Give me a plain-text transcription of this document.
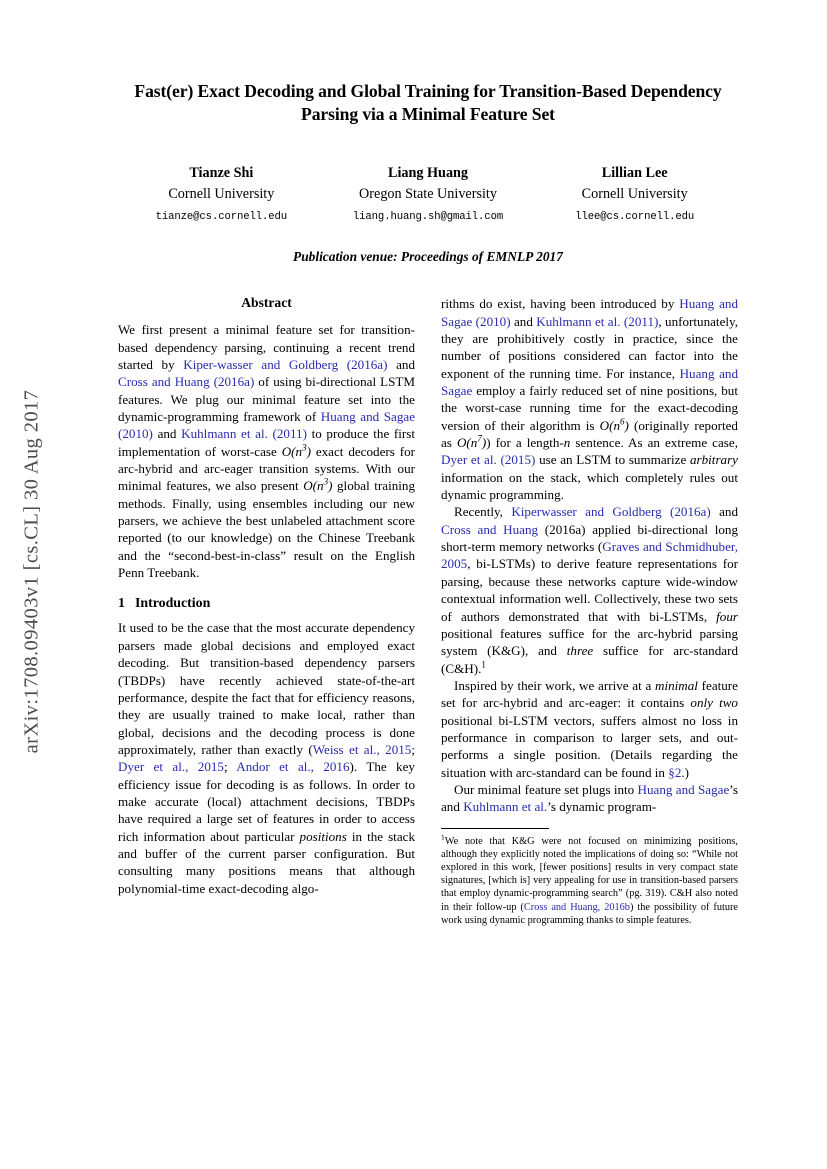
arXiv:1708.09403v1 [cs.CL] 30 Aug 2017
Fast(er) Exact Decoding and Global Training for Transition-Based Dependency Parsing via a Minimal Feature Set
Tianze Shi
Cornell University
tianze@cs.cornell.edu
Liang Huang
Oregon State University
liang.huang.sh@gmail.com
Lillian Lee
Cornell University
llee@cs.cornell.edu
Publication venue: Proceedings of EMNLP 2017
Abstract

We first present a minimal feature set for transition-based dependency parsing, continuing a recent trend started by Kiper-wasser and Goldberg (2016a) and Cross and Huang (2016a) of using bi-directional LSTM features. We plug our minimal feature set into the dynamic-programming framework of Huang and Sagae (2010) and Kuhlmann et al. (2011) to produce the first implementation of worst-case $O(n^3)$ exact decoders for arc-hybrid and arc-eager transition systems. With our minimal features, we also present $O(n^3)$ global training methods. Finally, using ensembles including our new parsers, we achieve the best unlabeled attachment score reported (to our knowledge) on the Chinese Treebank and the “second-best-in-class” result on the English Penn Treebank.

1 Introduction

It used to be the case that the most accurate dependency parsers made global decisions and employed exact decoding. But transition-based dependency parsers (TBDPs) have recently achieved state-of-the-art performance, despite the fact that for efficiency reasons, they are usually trained to make local, rather than global, decisions and the decoding process is done approximately, rather than exactly (Weiss et al., 2015; Dyer et al., 2015; Andor et al., 2016). The key efficiency issue for decoding is as follows. In order to make accurate (local) attachment decisions, TBDPs have required a large set of features in order to access rich information about particular positions in the stack and buffer of the current parser configuration. But consulting many positions means that although polynomial-time exact-decoding algo-

rithms do exist, having been introduced by Huang and Sagae (2010) and Kuhlmann et al. (2011), unfortunately, they are prohibitively costly in practice, since the number of positions considered can factor into the exponent of the running time. For instance, Huang and Sagae employ a fairly reduced set of nine positions, but the worst-case running time for the exact-decoding version of their algorithm is $O(n^6)$ (originally reported as $O(n^7)$) for a length-n sentence. As an extreme case, Dyer et al. (2015) use an LSTM to summarize arbitrary information on the stack, which completely rules out dynamic programming.

Recently, Kiperwasser and Goldberg (2016a) and Cross and Huang (2016a) applied bi-directional long short-term memory networks (Graves and Schmidhuber, 2005, bi-LSTMs) to derive feature representations for parsing, because these networks capture wide-window contextual information well. Collectively, these two sets of authors demonstrated that with bi-LSTMs, four positional features suffice for the arc-hybrid parsing system (K&G), and three suffice for arc-standard (C&H).$^1$

Inspired by their work, we arrive at a minimal feature set for arc-hybrid and arc-eager: it contains only two positional bi-LSTM vectors, suffers almost no loss in performance in comparison to larger sets, and out-performs a single position. (Details regarding the situation with arc-standard can be found in §2.)

Our minimal feature set plugs into Huang and Sagae’s and Kuhlmann et al.’s dynamic program-

$^1$We note that K&G were not focused on minimizing positions, although they explicitly noted the implications of doing so: “While not explored in this work, [fewer positions] results in very compact state signatures, [which is] very appealing for use in transition-based parsers that employ dynamic-programming search” (pg. 319). C&H also noted in their follow-up (Cross and Huang, 2016b) the possibility of future work using dynamic programming thanks to simple features.
